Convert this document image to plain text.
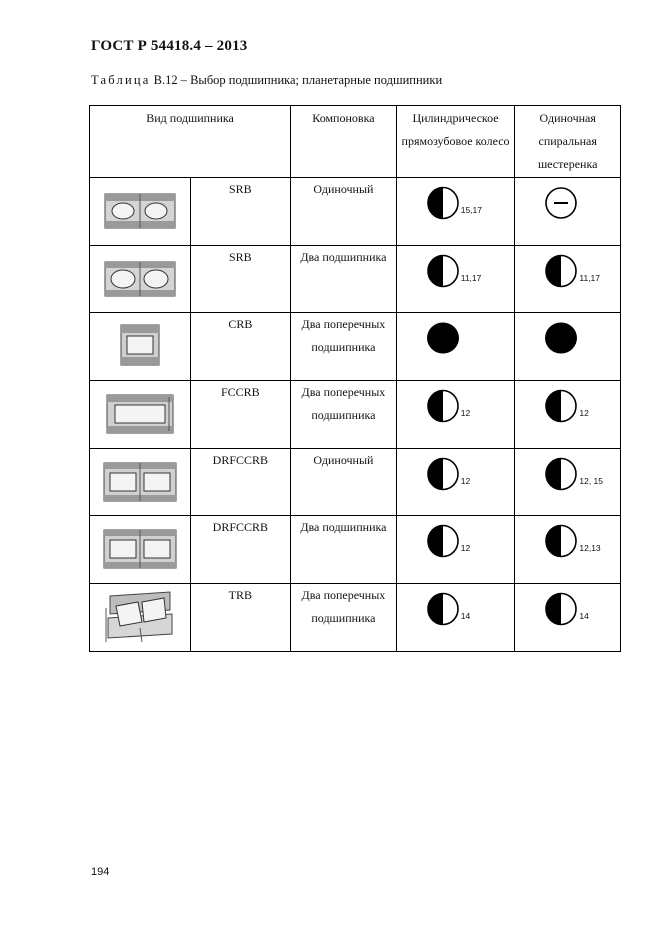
ГОСТ Р 54418.4 – 2013
Таблица В.12 – Выбор подшипника; планетарные подшипники
Вид подшипника		Компоновка	Цилиндрическое прямозубовое колесо	Одиночная спиральная шестеренка

	SRB	Одиночный	15,17

	SRB	Два подшипника	11,17	11,17

	CRB	Два поперечных подшипника	

	FCCRB	Два поперечных подшипника	12	12

	DRFCCRB	Одиночный	12	12, 15

	DRFCCRB	Два подшипника	12	12,13

	TRB	Два поперечных подшипника	14	14
194
